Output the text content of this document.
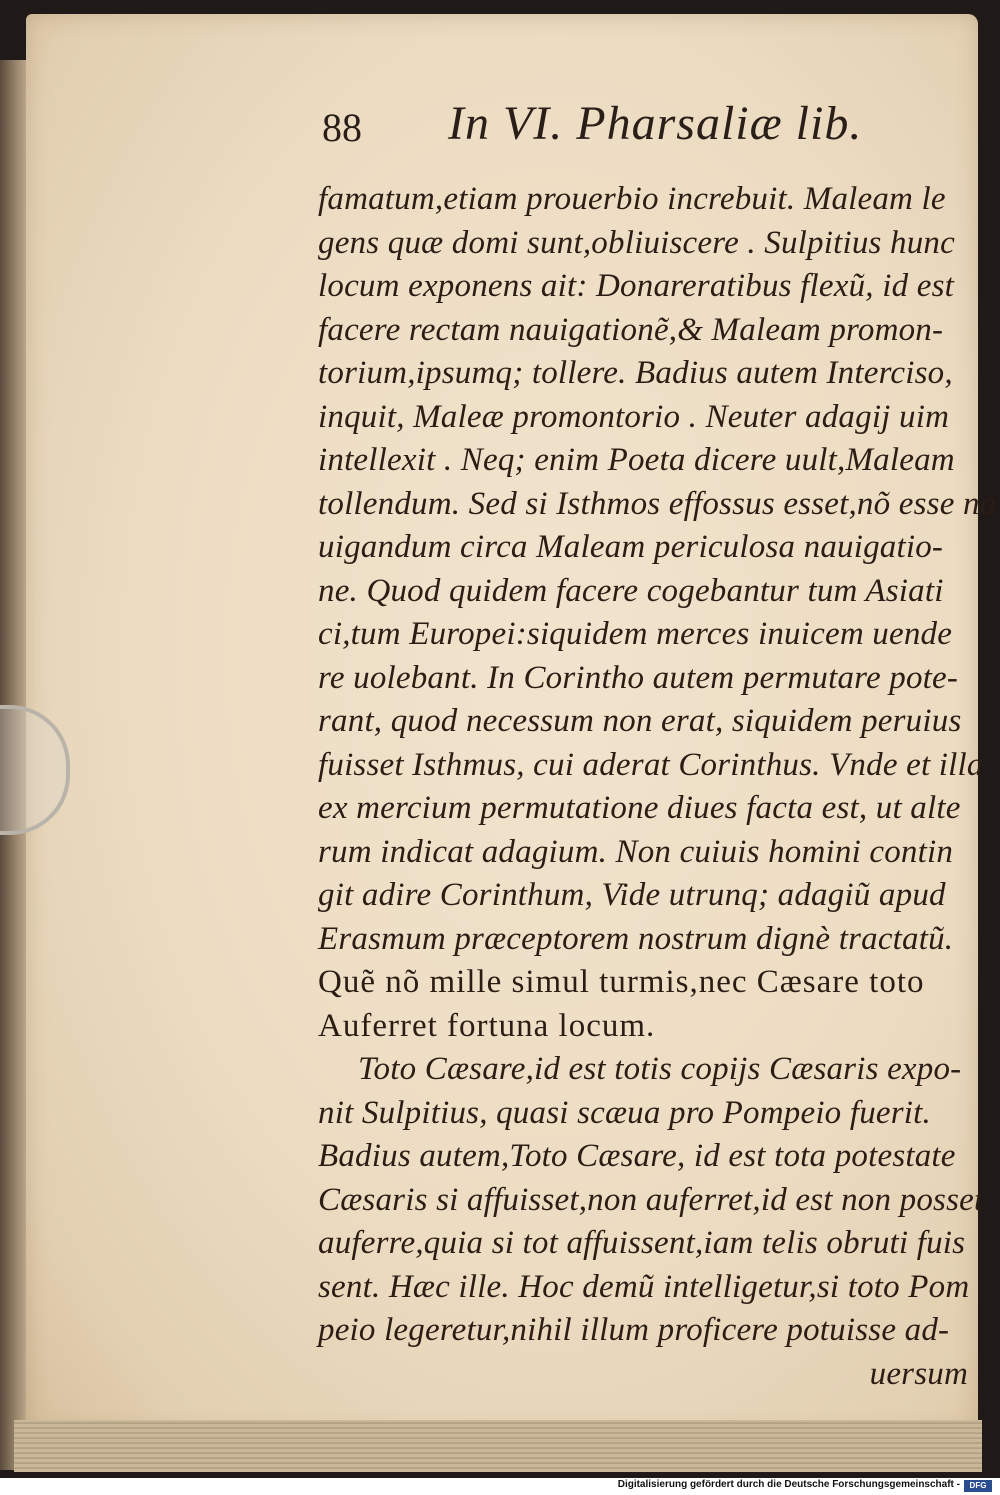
88 In VI. Pharsaliæ lib.
famatum,etiam prouerbio increbuit. Maleam le
gens quæ domi sunt,obliuiscere . Sulpitius hunc
locum exponens ait: Donareratibus flexũ, id est
facere rectam nauigationẽ,& Maleam promon-
torium,ipsumq; tollere. Badius autem Interciso,
inquit, Maleæ promontorio . Neuter adagij uim
intellexit . Neq; enim Poeta dicere uult,Maleam
tollendum. Sed si Isthmos effossus esset,nõ esse na
uigandum circa Maleam periculosa nauigatio-
ne. Quod quidem facere cogebantur tum Asiati
ci,tum Europei:siquidem merces inuicem uende
re uolebant. In Corintho autem permutare pote-
rant, quod necessum non erat, siquidem peruius
fuisset Isthmus, cui aderat Corinthus. Vnde et illa
ex mercium permutatione diues facta est, ut alte
rum indicat adagium. Non cuiuis homini contin
git adire Corinthum, Vide utrunq; adagiũ apud
Erasmum præceptorem nostrum dignè tractatũ.
Quẽ nõ mille simul turmis,nec Cæsare toto
Auferret fortuna locum.
Toto Cæsare,id est totis copijs Cæsaris expo-
nit Sulpitius, quasi scæua pro Pompeio fuerit.
Badius autem,Toto Cæsare, id est tota potestate
Cæsaris si affuisset,non auferret,id est non posset
auferre,quia si tot affuissent,iam telis obruti fuis
sent. Hæc ille. Hoc demũ intelligetur,si toto Pom
peio legeretur,nihil illum proficere potuisse ad-
uersum
Digitalisierung gefördert durch die Deutsche Forschungsgemeinschaft -	DFG
